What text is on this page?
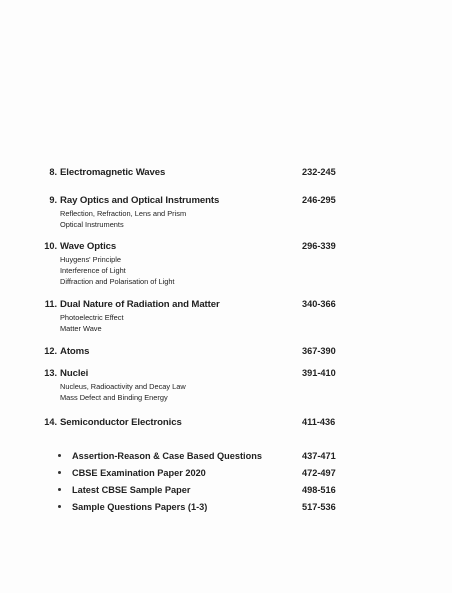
8. Electromagnetic Waves	232-245
9. Ray Optics and Optical Instruments	246-295
Reflection, Refraction, Lens and Prism
Optical Instruments
10. Wave Optics	296-339
Huygens' Principle
Interference of Light
Diffraction and Polarisation of Light
11. Dual Nature of Radiation and Matter	340-366
Photoelectric Effect
Matter Wave
12. Atoms	367-390
13. Nuclei	391-410
Nucleus, Radioactivity and Decay Law
Mass Defect and Binding Energy
14. Semiconductor Electronics	411-436
Assertion-Reason & Case Based Questions	437-471
CBSE Examination Paper 2020	472-497
Latest CBSE Sample Paper	498-516
Sample Questions Papers (1-3)	517-536
